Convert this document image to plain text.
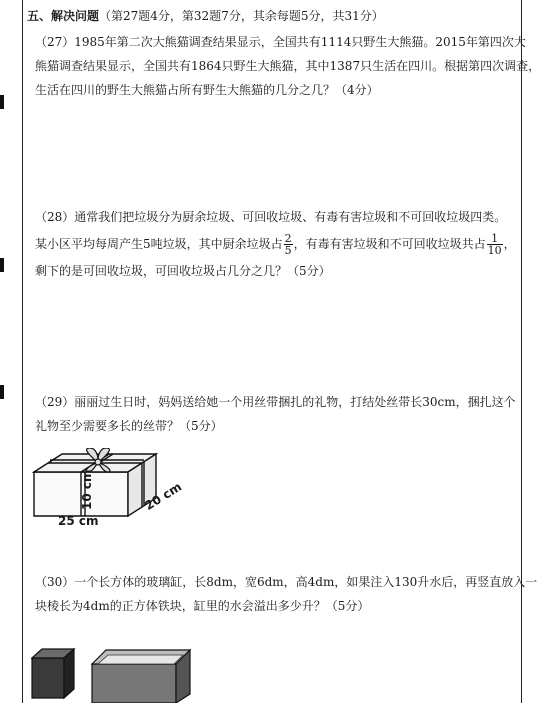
五、解决问题（第27题4分，第32题7分，其余每题5分，共31分）
（27）1985年第二次大熊猫调查结果显示，全国共有1114只野生大熊猫。2015年第四次大
熊猫调查结果显示，全国共有1864只野生大熊猫，其中1387只生活在四川。根据第四次调查，
生活在四川的野生大熊猫占所有野生大熊猫的几分之几？（4分）
（28）通常我们把垃圾分为厨余垃圾、可回收垃圾、有毒有害垃圾和不可回收垃圾四类。
某小区平均每周产生5吨垃圾，其中厨余垃圾占 $\frac{2}{5}$ ，有毒有害垃圾和不可回收垃圾共占 $\frac{1}{10}$ ，
剩下的是可回收垃圾，可回收垃圾占几分之几？（5分）
（29）丽丽过生日时，妈妈送给她一个用丝带捆扎的礼物，打结处丝带长30cm，捆扎这个
礼物至少需要多长的丝带？（5分）
25 cm
20 cm
10 cm
（30）一个长方体的玻璃缸，长8dm，宽6dm，高4dm，如果注入130升水后，再竖直放入一
块棱长为4dm的正方体铁块，缸里的水会溢出多少升？（5分）
